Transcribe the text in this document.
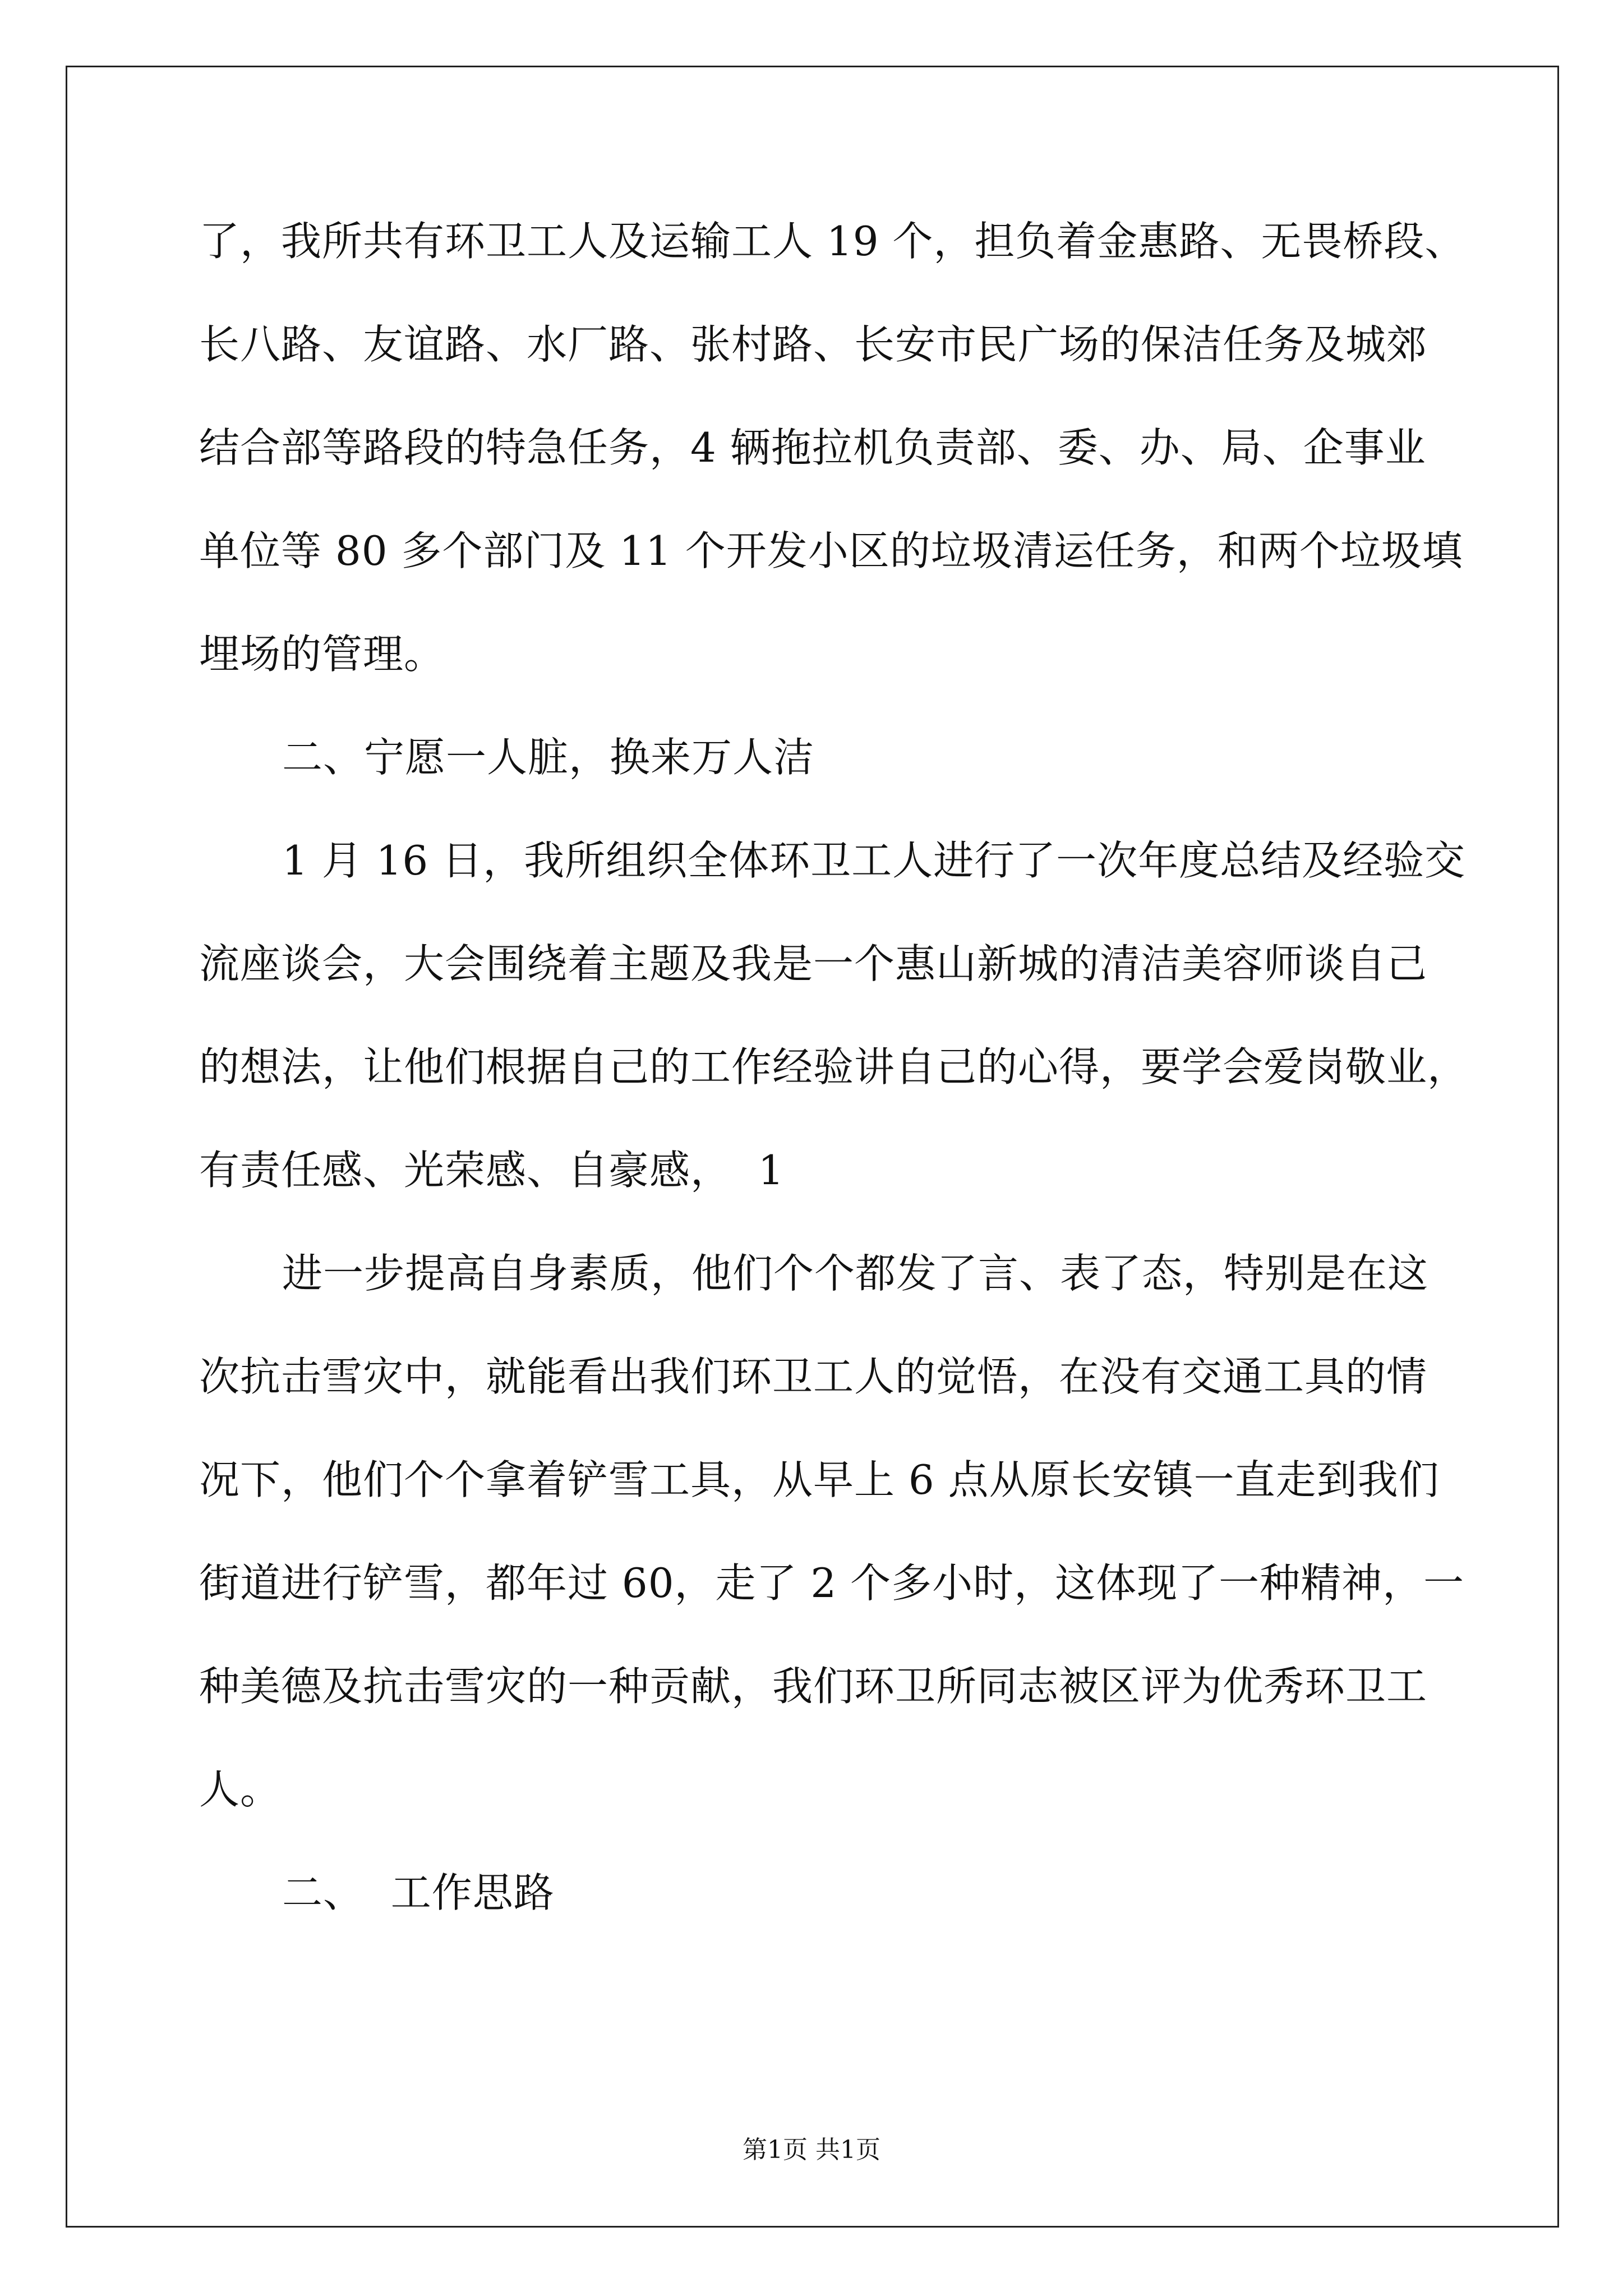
了，我所共有环卫工人及运输工人 19 个，担负着金惠路、无畏桥段、
长八路、友谊路、水厂路、张村路、长安市民广场的保洁任务及城郊
结合部等路段的特急任务，4 辆拖拉机负责部、委、办、局、企事业
单位等 80 多个部门及 11 个开发小区的垃圾清运任务，和两个垃圾填
埋场的管理。
二、宁愿一人脏，换来万人洁
1 月 16 日，我所组织全体环卫工人进行了一次年度总结及经验交
流座谈会，大会围绕着主题及我是一个惠山新城的清洁美容师谈自己
的想法，让他们根据自己的工作经验讲自己的心得，要学会爱岗敬业，
有责任感、光荣感、自豪感，  1
进一步提高自身素质，他们个个都发了言、表了态，特别是在这
次抗击雪灾中，就能看出我们环卫工人的觉悟，在没有交通工具的情
况下，他们个个拿着铲雪工具，从早上 6 点从原长安镇一直走到我们
街道进行铲雪，都年过 60，走了 2 个多小时，这体现了一种精神，一
种美德及抗击雪灾的一种贡献，我们环卫所同志被区评为优秀环卫工
人。
二、  工作思路
第1页 共1页
